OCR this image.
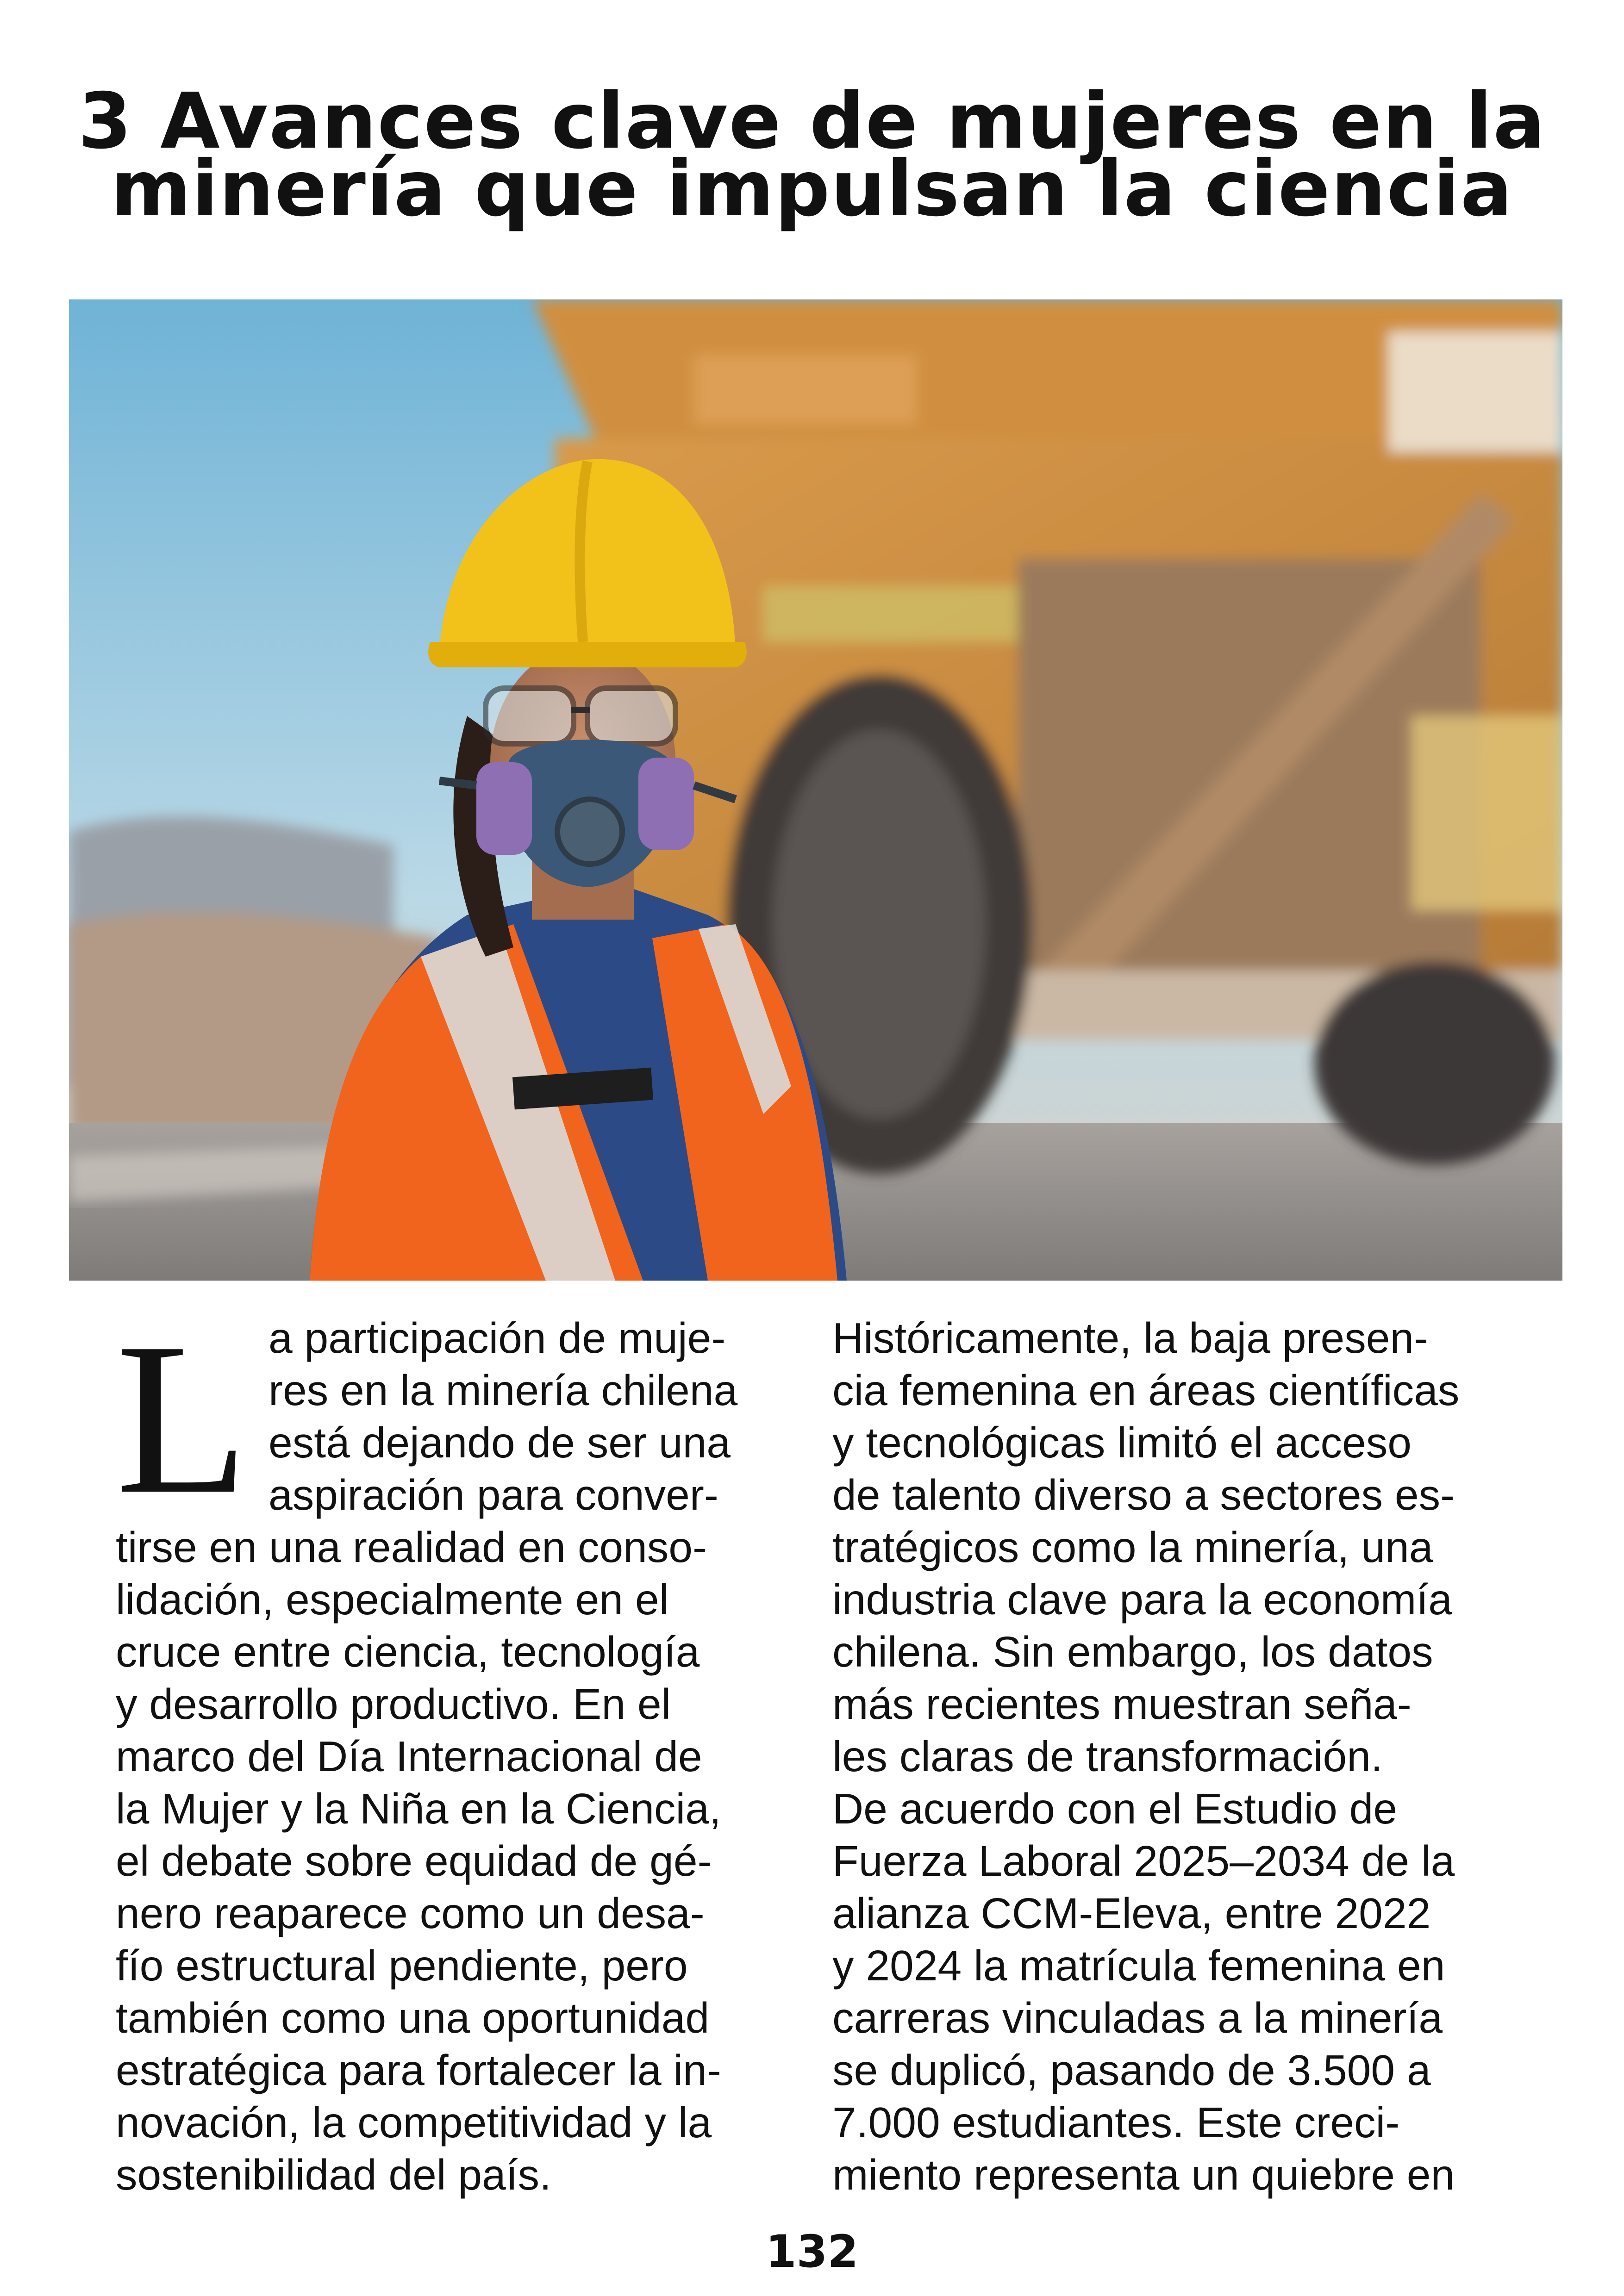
3 Avances clave de mujeres en la
minería que impulsan la ciencia
L a participación de muje-
res en la minería chilena
está dejando de ser una
aspiración para conver-
tirse en una realidad en conso-
lidación, especialmente en el
cruce entre ciencia, tecnología
y desarrollo productivo. En el
marco del Día Internacional de
la Mujer y la Niña en la Ciencia,
el debate sobre equidad de gé-
nero reaparece como un desa-
fío estructural pendiente, pero
también como una oportunidad
estratégica para fortalecer la in-
novación, la competitividad y la
sostenibilidad del país.
Históricamente, la baja presen-
cia femenina en áreas científicas
y tecnológicas limitó el acceso
de talento diverso a sectores es-
tratégicos como la minería, una
industria clave para la economía
chilena. Sin embargo, los datos
más recientes muestran seña-
les claras de transformación.
De acuerdo con el Estudio de
Fuerza Laboral 2025–2034 de la
alianza CCM-Eleva, entre 2022
y 2024 la matrícula femenina en
carreras vinculadas a la minería
se duplicó, pasando de 3.500 a
7.000 estudiantes. Este creci-
miento representa un quiebre en
132
